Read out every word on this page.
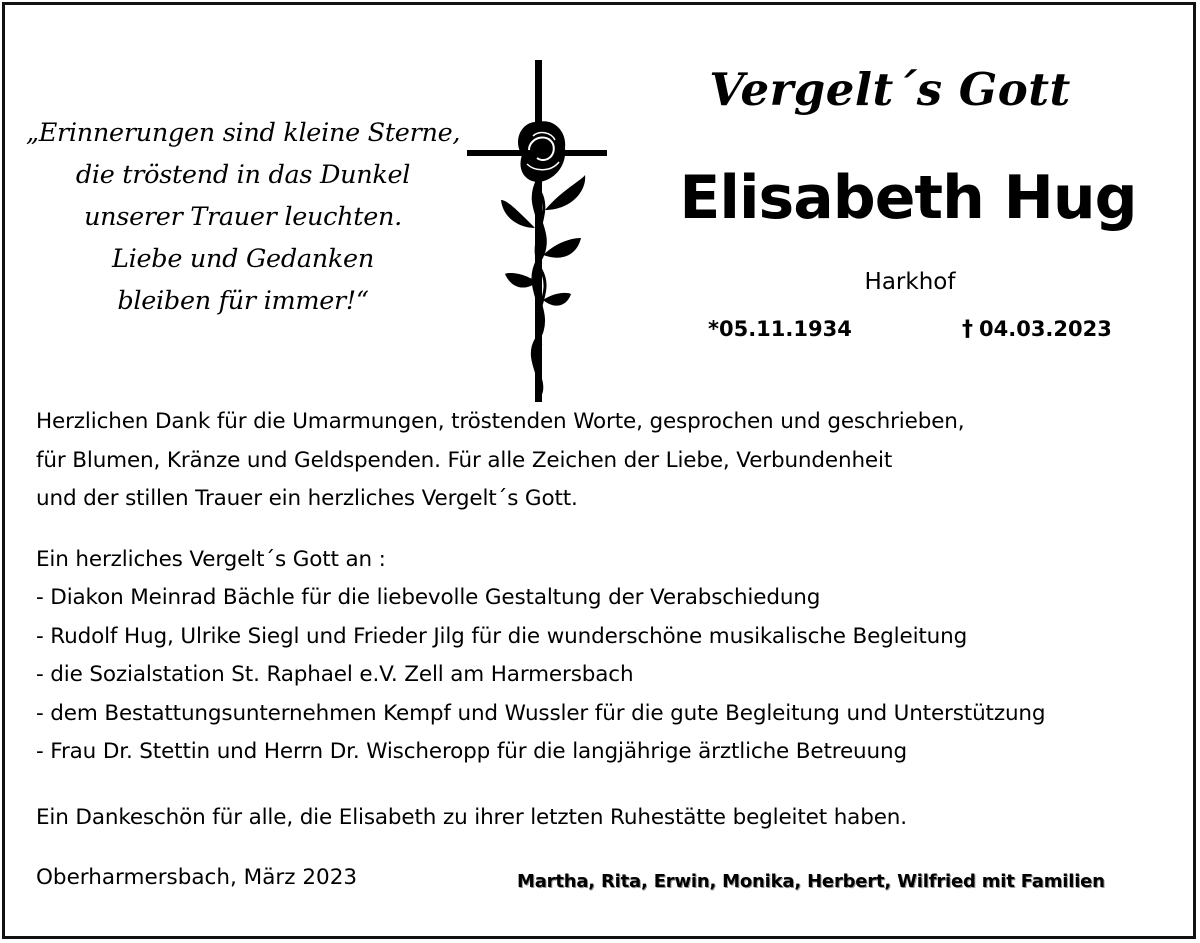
„Erinnerungen sind kleine Sterne,
die tröstend in das Dunkel
unserer Trauer leuchten.
Liebe und Gedanken
bleiben für immer!“
Vergelt´s Gott
Elisabeth Hug
Harkhof
*05.11.1934	† 04.03.2023
Herzlichen Dank für die Umarmungen, tröstenden Worte, gesprochen und geschrieben,
für Blumen, Kränze und Geldspenden. Für alle Zeichen der Liebe, Verbundenheit
und der stillen Trauer ein herzliches Vergelt´s Gott.
Ein herzliches Vergelt´s Gott an :
- Diakon Meinrad Bächle für die liebevolle Gestaltung der Verabschiedung
- Rudolf Hug, Ulrike Siegl und Frieder Jilg für die wunderschöne musikalische Begleitung
- die Sozialstation St. Raphael e.V. Zell am Harmersbach
- dem Bestattungsunternehmen Kempf und Wussler für die gute Begleitung und Unterstützung
- Frau Dr. Stettin und Herrn Dr. Wischeropp für die langjährige ärztliche Betreuung
Ein Dankeschön für alle, die Elisabeth zu ihrer letzten Ruhestätte begleitet haben.
Oberharmersbach, März 2023	Martha, Rita, Erwin, Monika, Herbert, Wilfried mit Familien
